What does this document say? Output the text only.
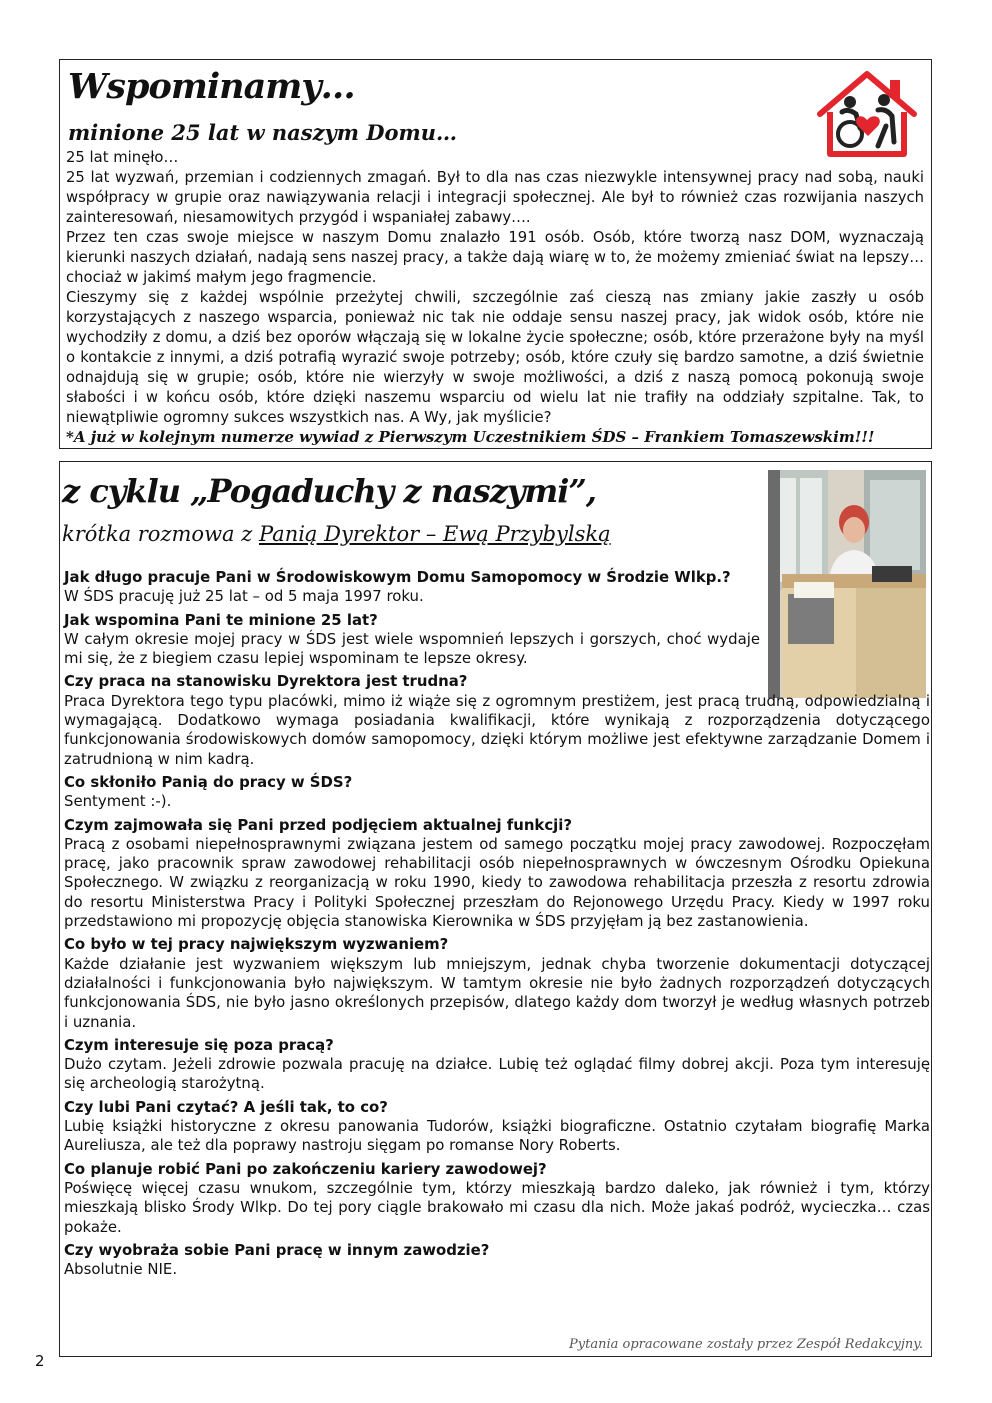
Wspominamy…
minione 25 lat w naszym Domu…

25 lat minęło…

25 lat wyzwań, przemian i codziennych zmagań. Był to dla nas czas niezwykle intensywnej pracy nad sobą, nauki współpracy w grupie oraz nawiązywania relacji i integracji społecznej. Ale był to również czas rozwijania naszych zainteresowań, niesamowitych przygód i wspaniałej zabawy….

Przez ten czas swoje miejsce w naszym Domu znalazło 191 osób. Osób, które tworzą nasz DOM, wyznaczają kierunki naszych działań, nadają sens naszej pracy, a także dają wiarę w to, że możemy zmieniać świat na lepszy… chociaż w jakimś małym jego fragmencie.

Cieszymy się z każdej wspólnie przeżytej chwili, szczególnie zaś cieszą nas zmiany jakie zaszły u osób korzystających z naszego wsparcia, ponieważ nic tak nie oddaje sensu naszej pracy, jak widok osób, które nie wychodziły z domu, a dziś bez oporów włączają się w lokalne życie społeczne; osób, które przerażone były na myśl o kontakcie z innymi, a dziś potrafią wyrazić swoje potrzeby; osób, które czuły się bardzo samotne, a dziś świetnie odnajdują się w grupie; osób, które nie wierzyły w swoje możliwości, a dziś z naszą pomocą pokonują swoje słabości i w końcu osób, które dzięki naszemu wsparciu od wielu lat nie trafiły na oddziały szpitalne. Tak, to niewątpliwie ogromny sukces wszystkich nas. A Wy, jak myślicie?

*A już w kolejnym numerze wywiad z Pierwszym Uczestnikiem ŚDS – Frankiem Tomaszewskim!!!
z cyklu „Pogaduchy z naszymi”,
krótka rozmowa z Panią Dyrektor – Ewą Przybylską

Jak długo pracuje Pani w Środowiskowym Domu Samopomocy w Środzie Wlkp.?

W ŚDS pracuję już 25 lat – od 5 maja 1997 roku.

Jak wspomina Pani te minione 25 lat?

W całym okresie mojej pracy w ŚDS jest wiele wspomnień lepszych i gorszych, choć wydaje mi się, że z biegiem czasu lepiej wspominam te lepsze okresy.

Czy praca na stanowisku Dyrektora jest trudna?

Praca Dyrektora tego typu placówki, mimo iż wiąże się z ogromnym prestiżem, jest pracą trudną, odpowiedzialną i wymagającą. Dodatkowo wymaga posiadania kwalifikacji, które wynikają z rozporządzenia dotyczącego funkcjonowania środowiskowych domów samopomocy, dzięki którym możliwe jest efektywne zarządzanie Domem i zatrudnioną w nim kadrą.

Co skłoniło Panią do pracy w ŚDS?

Sentyment :-).

Czym zajmowała się Pani przed podjęciem aktualnej funkcji?

Pracą z osobami niepełnosprawnymi związana jestem od samego początku mojej pracy zawodowej. Rozpoczęłam pracę, jako pracownik spraw zawodowej rehabilitacji osób niepełnosprawnych w ówczesnym Ośrodku Opiekuna Społecznego. W związku z reorganizacją w roku 1990, kiedy to zawodowa rehabilitacja przeszła z resortu zdrowia do resortu Ministerstwa Pracy i Polityki Społecznej przeszłam do Rejonowego Urzędu Pracy. Kiedy w 1997 roku przedstawiono mi propozycję objęcia stanowiska Kierownika w ŚDS przyjęłam ją bez zastanowienia.

Co było w tej pracy największym wyzwaniem?

Każde działanie jest wyzwaniem większym lub mniejszym, jednak chyba tworzenie dokumentacji dotyczącej działalności i funkcjonowania było największym. W tamtym okresie nie było żadnych rozporządzeń dotyczących funkcjonowania ŚDS, nie było jasno określonych przepisów, dlatego każdy dom tworzył je według własnych potrzeb i uznania.

Czym interesuje się poza pracą?

Dużo czytam. Jeżeli zdrowie pozwala pracuję na działce. Lubię też oglądać filmy dobrej akcji. Poza tym interesuję się archeologią starożytną.

Czy lubi Pani czytać? A jeśli tak, to co?

Lubię książki historyczne z okresu panowania Tudorów, książki biograficzne. Ostatnio czytałam biografię Marka Aureliusza, ale też dla poprawy nastroju sięgam po romanse Nory Roberts.

Co planuje robić Pani po zakończeniu kariery zawodowej?

Poświęcę więcej czasu wnukom, szczególnie tym, którzy mieszkają bardzo daleko, jak również i tym, którzy mieszkają blisko Środy Wlkp. Do tej pory ciągle brakowało mi czasu dla nich. Może jakaś podróż, wycieczka… czas pokaże.

Czy wyobraża sobie Pani pracę w innym zawodzie?

Absolutnie NIE.

Pytania opracowane zostały przez Zespół Redakcyjny.
2
